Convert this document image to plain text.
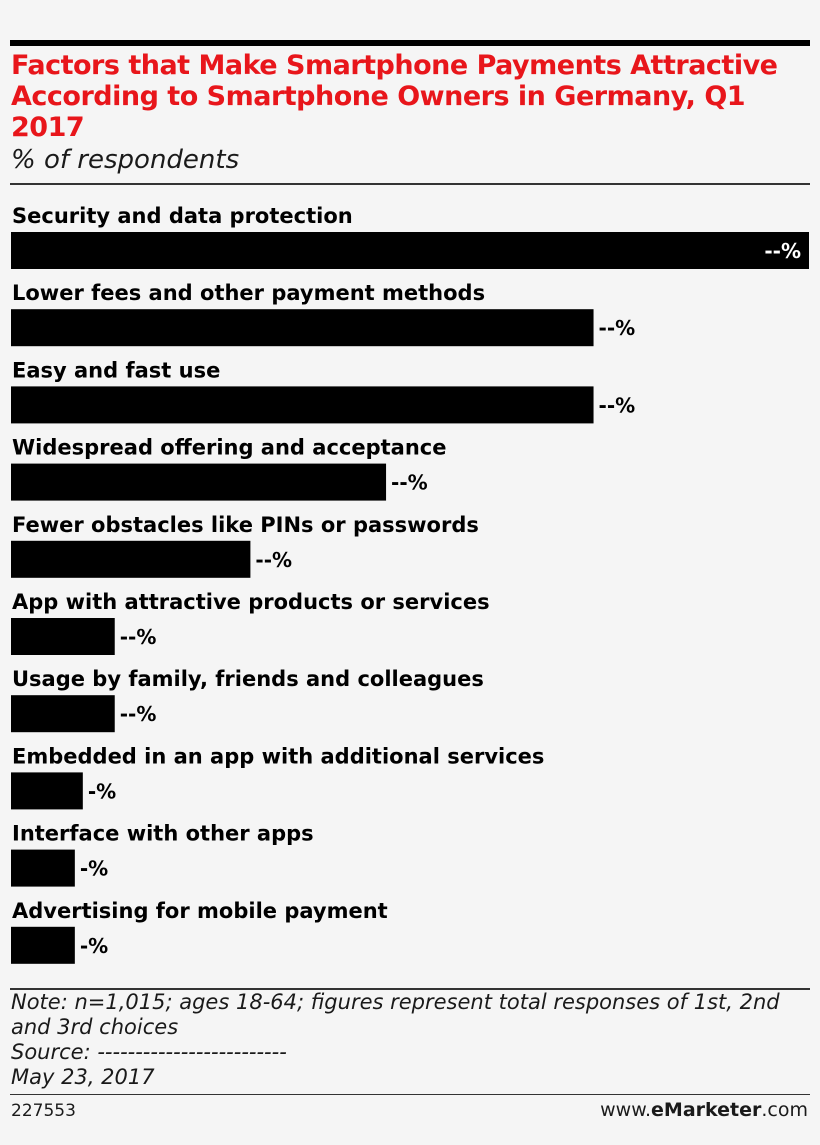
Factors that Make Smartphone Payments Attractive According to Smartphone Owners in Germany, Q1 2017
% of respondents
Security and data protection
--%
Lower fees and other payment methods
--%
Easy and fast use
--%
Widespread offering and acceptance
--%
Fewer obstacles like PINs or passwords
--%
App with attractive products or services
--%
Usage by family, friends and colleagues
--%
Embedded in an app with additional services
-%
Interface with other apps
-%
Advertising for mobile payment
-%
Note: n=1,015; ages 18-64; figures represent total responses of 1st, 2nd
and 3rd choices
Source: -------------------------
May 23, 2017
227553	www.eMarketer.com
